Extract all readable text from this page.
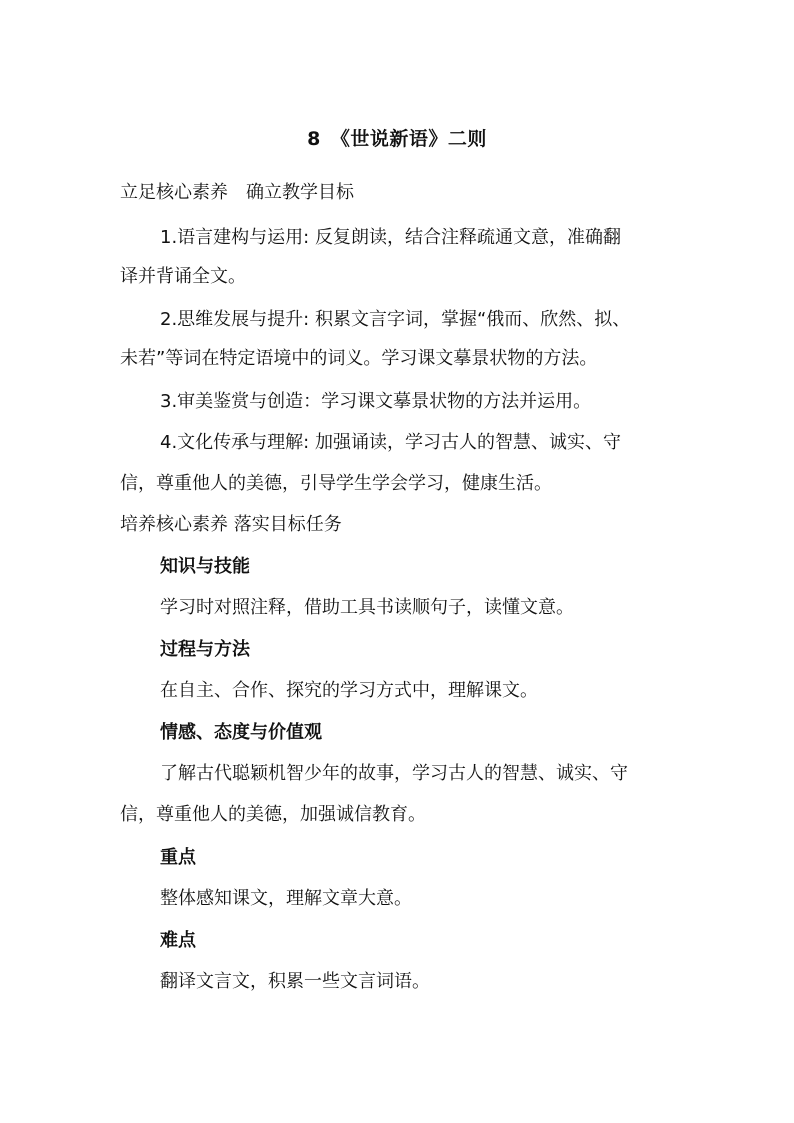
8　《世说新语》二则
立足核心素养　确立教学目标
1.语言建构与运用: 反复朗读，结合注释疏通文意，准确翻
译并背诵全文。
2.思维发展与提升: 积累文言字词，掌握“俄而、欣然、拟、
未若”等词在特定语境中的词义。学习课文摹景状物的方法。
3.审美鉴赏与创造：学习课文摹景状物的方法并运用。
4.文化传承与理解: 加强诵读，学习古人的智慧、诚实、守
信，尊重他人的美德，引导学生学会学习，健康生活。
培养核心素养 落实目标任务
知识与技能
学习时对照注释，借助工具书读顺句子，读懂文意。
过程与方法
在自主、合作、探究的学习方式中，理解课文。
情感、态度与价值观
了解古代聪颖机智少年的故事，学习古人的智慧、诚实、守
信，尊重他人的美德，加强诚信教育。
重点
整体感知课文，理解文章大意。
难点
翻译文言文，积累一些文言词语。
